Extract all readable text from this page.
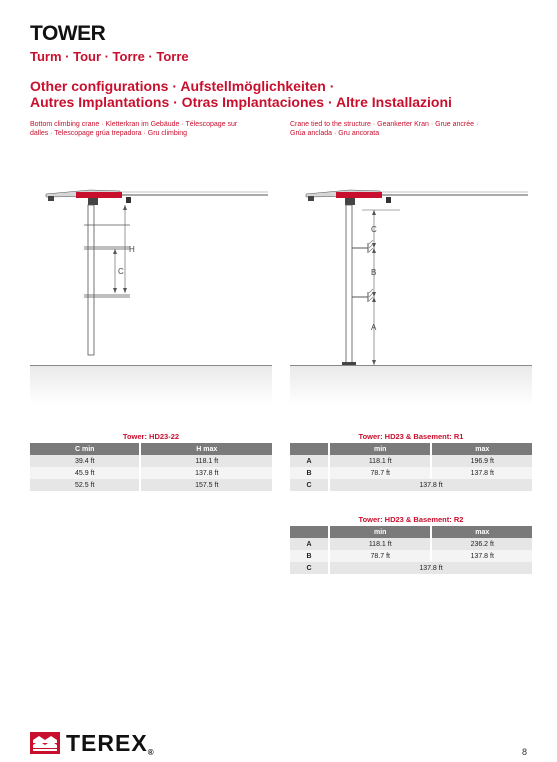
TOWER
Turm · Tour · Torre · Torre
Other configurations · Aufstellmöglichkeiten ·
Autres Implantations · Otras Implantaciones · Altre Installazioni
Bottom climbing crane · Kletterkran im Gebäude · Télescopage sur
dalles · Telescopage grúa trepadora · Gru climbing
Crane tied to the structure · Geankerter Kran · Grue ancrée ·
Grúa anclada · Gru ancorata
H
C
C
B
A
Tower: HD23-22
C min	H max
39.4 ft	118.1 ft
45.9 ft	137.8 ft
52.5 ft	157.5 ft
Tower: HD23 & Basement: R1
	min	max
A	118.1 ft	196.9 ft
B	78.7 ft	137.8 ft
C	137.8 ft	
Tower: HD23 & Basement: R2
	min	max
A	118.1 ft	236.2 ft
B	78.7 ft	137.8 ft
C	137.8 ft	
TEREX®	8
